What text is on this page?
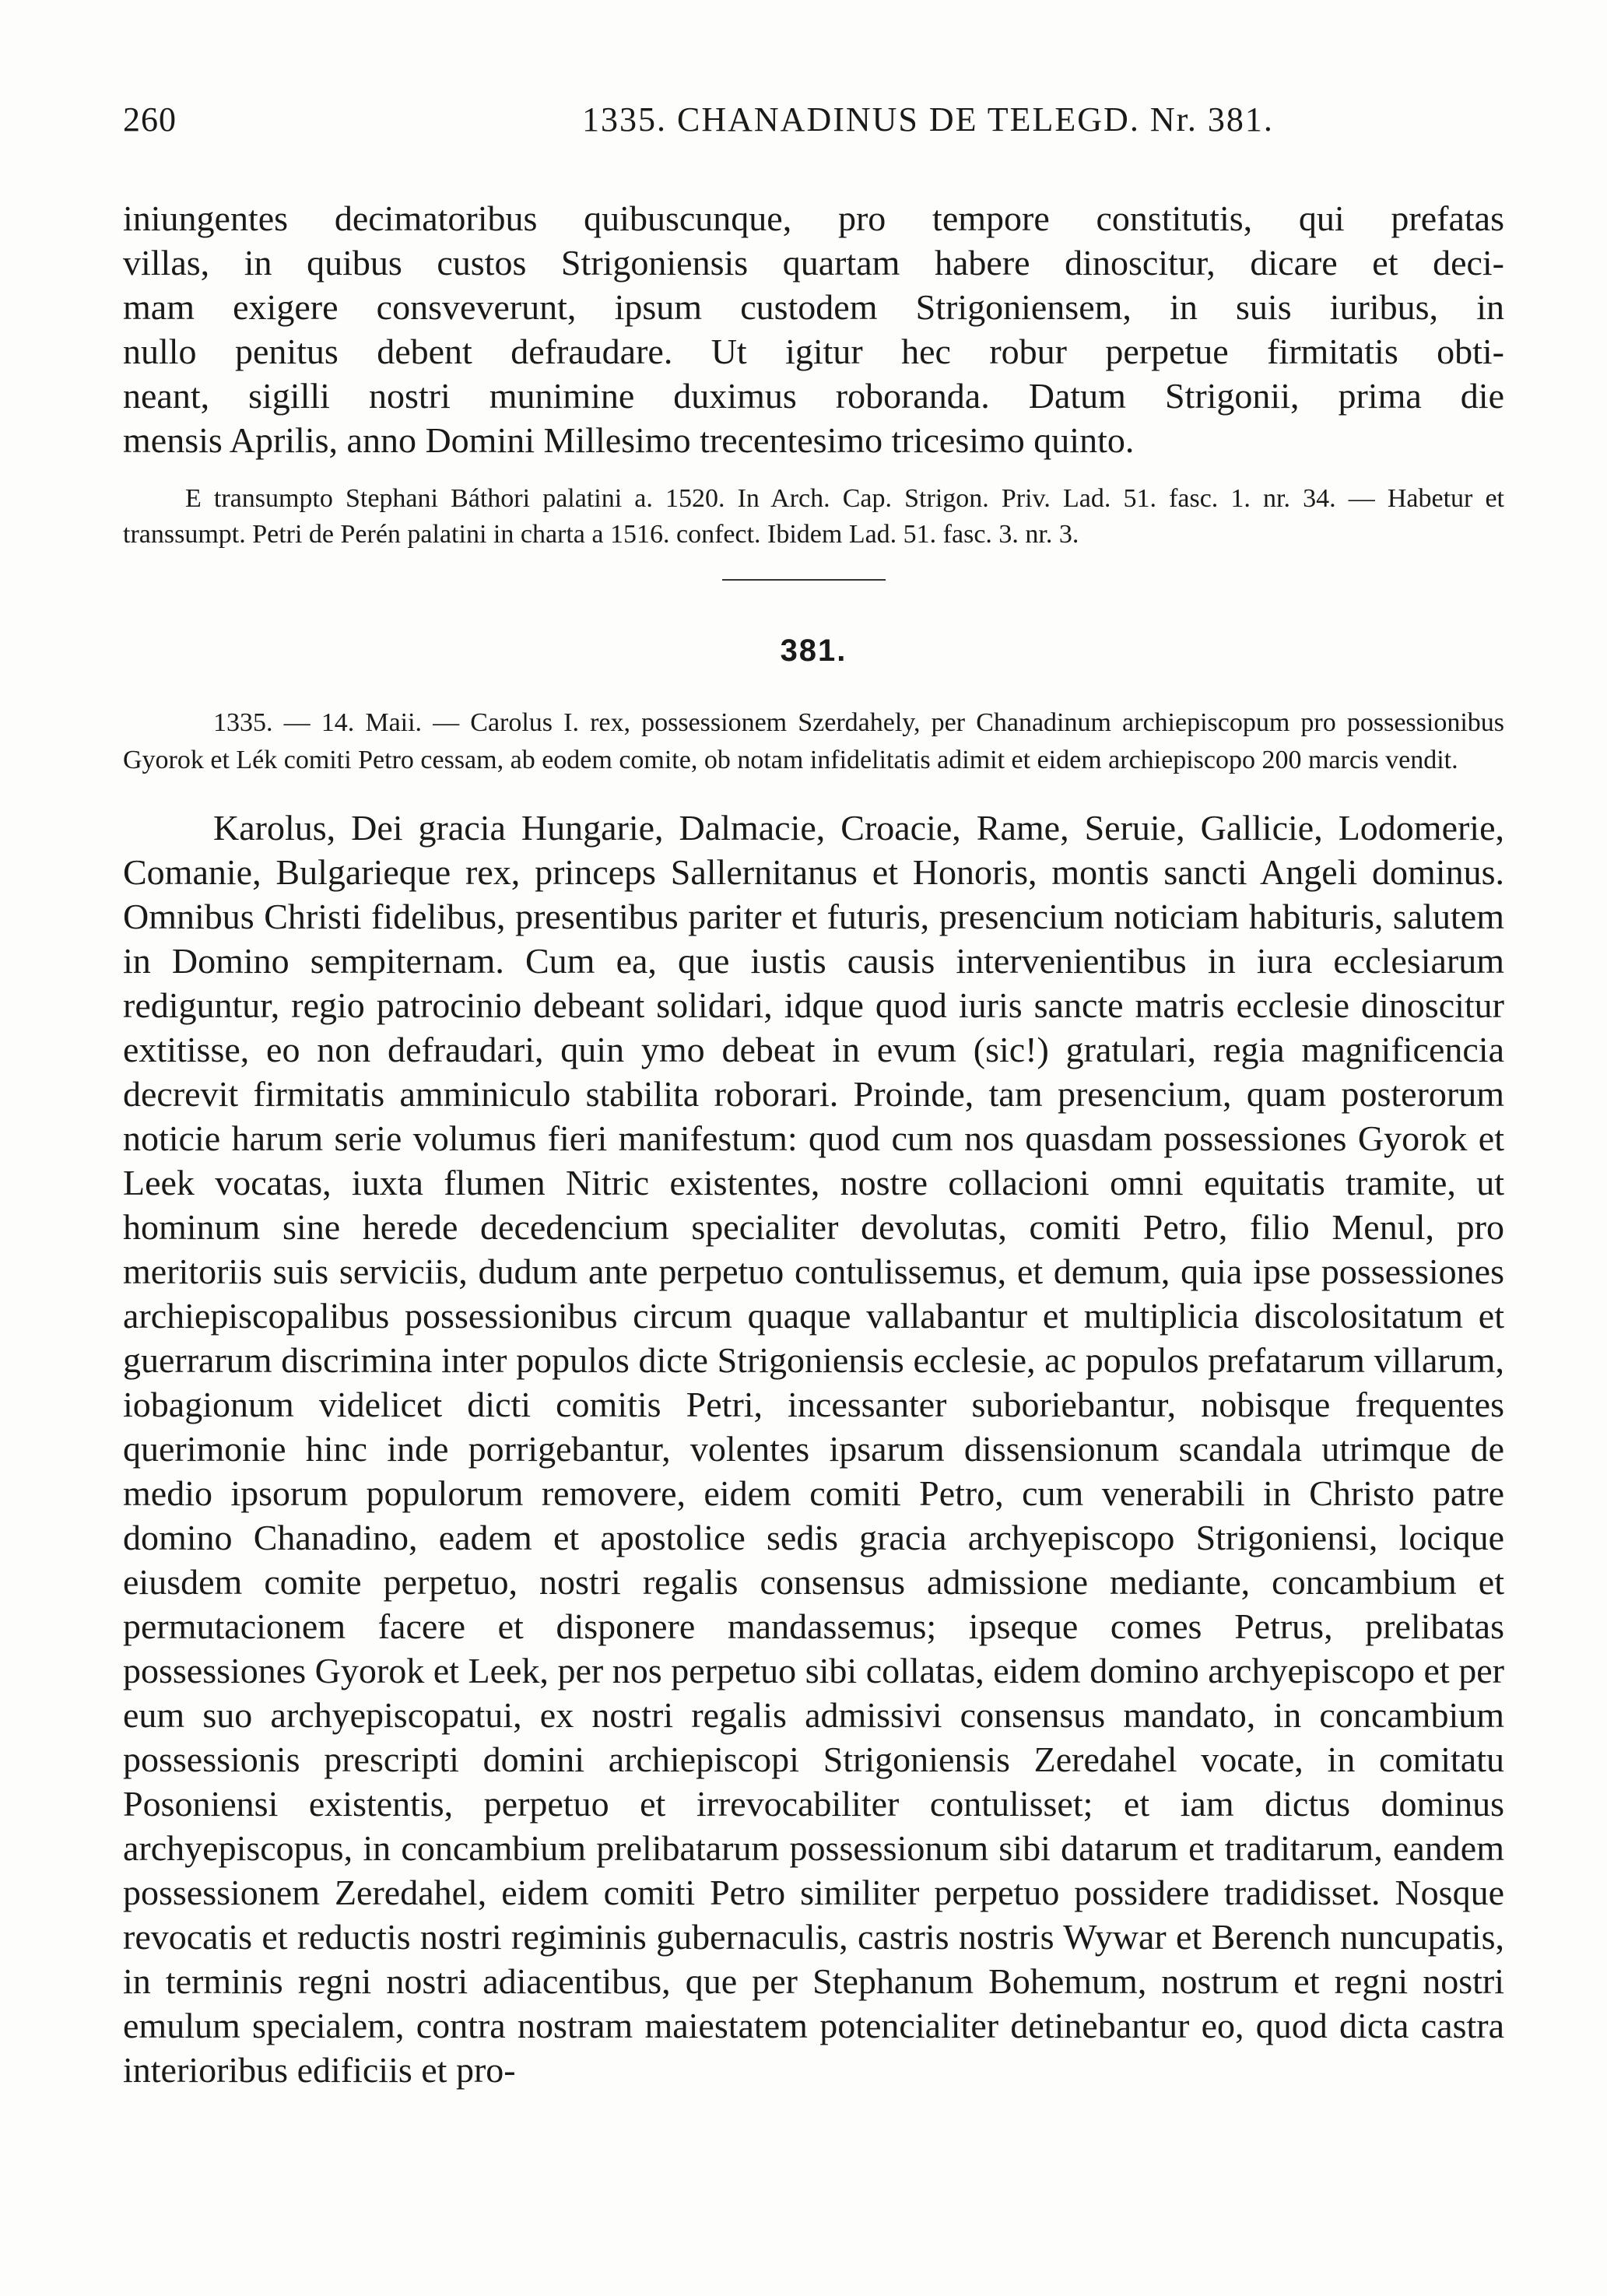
260	1335. CHANADINUS DE TELEGD. Nr. 381.
iniungentes decimatoribus quibuscunque, pro tempore constitutis, qui prefatas
villas, in quibus custos Strigoniensis quartam habere dinoscitur, dicare et deci-
mam exigere consveverunt, ipsum custodem Strigoniensem, in suis iuribus, in
nullo penitus debent defraudare. Ut igitur hec robur perpetue firmitatis obti-
neant, sigilli nostri munimine duximus roboranda. Datum Strigonii, prima die
mensis Aprilis, anno Domini Millesimo trecentesimo tricesimo quinto.

E transumpto Stephani Báthori palatini a. 1520. In Arch. Cap. Strigon. Priv. Lad. 51. fasc. 1. nr. 34. — Habetur et transsumpt. Petri de Perén palatini in charta a 1516. confect. Ibidem Lad. 51. fasc. 3. nr. 3.

381.

1335. — 14. Maii. — Carolus I. rex, possessionem Szerdahely, per Chanadinum archiepiscopum pro possessionibus Gyorok et Lék comiti Petro cessam, ab eodem comite, ob notam infidelitatis adimit et eidem archiepiscopo 200 marcis vendit.

Karolus, Dei gracia Hungarie, Dalmacie, Croacie, Rame, Seruie, Gallicie, Lodomerie, Comanie, Bulgarieque rex, princeps Sallernitanus et Honoris, montis sancti Angeli dominus. Omnibus Christi fidelibus, presentibus pariter et futuris, presencium noticiam habituris, salutem in Domino sempiternam. Cum ea, que iustis causis intervenientibus in iura ecclesiarum rediguntur, regio patrocinio debeant solidari, idque quod iuris sancte matris ecclesie dinoscitur extitisse, eo non defraudari, quin ymo debeat in evum (sic!) gratulari, regia magnificencia decrevit firmitatis amminiculo stabilita roborari. Proinde, tam presencium, quam posterorum noticie harum serie volumus fieri manifestum: quod cum nos quasdam possessiones Gyorok et Leek vocatas, iuxta flumen Nitric existentes, nostre collacioni omni equitatis tramite, ut hominum sine herede decedencium specialiter devolutas, comiti Petro, filio Menul, pro meritoriis suis serviciis, dudum ante perpetuo contulissemus, et demum, quia ipse possessiones archiepiscopalibus possessionibus circum quaque vallabantur et multiplicia discolositatum et guerrarum discrimina inter populos dicte Strigoniensis ecclesie, ac populos prefatarum villarum, iobagionum videlicet dicti comitis Petri, incessanter suboriebantur, nobisque frequentes querimonie hinc inde porrigebantur, volentes ipsarum dissensionum scandala utrimque de medio ipsorum populorum removere, eidem comiti Petro, cum venerabili in Christo patre domino Chanadino, eadem et apostolice sedis gracia archyepiscopo Strigoniensi, locique eiusdem comite perpetuo, nostri regalis consensus admissione mediante, concambium et permutacionem facere et disponere mandassemus; ipseque comes Petrus, prelibatas possessiones Gyorok et Leek, per nos perpetuo sibi collatas, eidem domino archyepiscopo et per eum suo archyepiscopatui, ex nostri regalis admissivi consensus mandato, in concambium possessionis prescripti domini archiepiscopi Strigoniensis Zeredahel vocate, in comitatu Posoniensi existentis, perpetuo et irrevocabiliter contulisset; et iam dictus dominus archyepiscopus, in concambium prelibatarum possessionum sibi datarum et traditarum, eandem possessionem Zeredahel, eidem comiti Petro similiter perpetuo possidere tradidisset. Nosque revocatis et reductis nostri regiminis gubernaculis, castris nostris Wywar et Berench nuncupatis, in terminis regni nostri adiacentibus, que per Stephanum Bohemum, nostrum et regni nostri emulum specialem, contra nostram maiestatem potencialiter detinebantur eo, quod dicta castra interioribus edificiis et pro-
